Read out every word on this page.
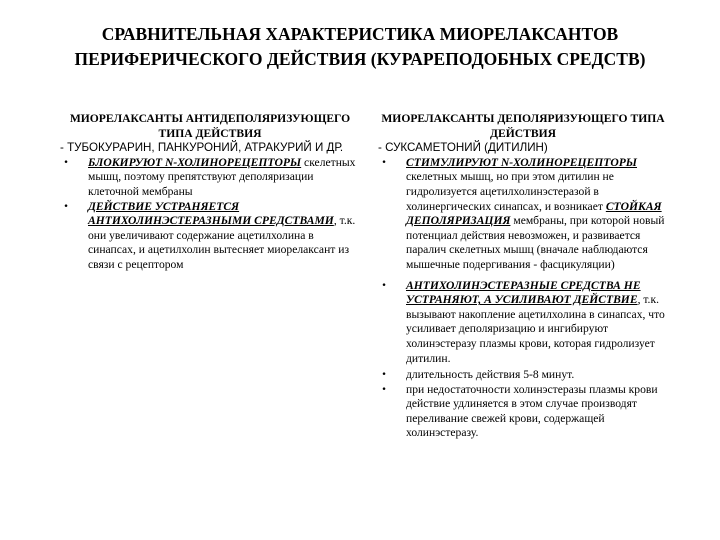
СРАВНИТЕЛЬНАЯ ХАРАКТЕРИСТИКА МИОРЕЛАКСАНТОВ ПЕРИФЕРИЧЕСКОГО ДЕЙСТВИЯ (КУРАРЕПОДОБНЫХ СРЕДСТВ)
МИОРЕЛАКСАНТЫ АНТИДЕПОЛЯРИЗУЮЩЕГО ТИПА ДЕЙСТВИЯ
- ТУБОКУРАРИН, ПАНКУРОНИЙ, АТРАКУРИЙ И ДР.
• БЛОКИРУЮТ N-ХОЛИНОРЕЦЕПТОРЫ скелетных мышц, поэтому препятствуют деполяризации клеточной мембраны
• ДЕЙСТВИЕ УСТРАНЯЕТСЯ АНТИХОЛИНЭСТЕРАЗНЫМИ СРЕДСТВАМИ, т.к. они увеличивают содержание ацетилхолина в синапсах, и ацетилхолин вытесняет миорелаксант из связи с рецептором
МИОРЕЛАКСАНТЫ ДЕПОЛЯРИЗУЮЩЕГО ТИПА ДЕЙСТВИЯ
- СУКСАМЕТОНИЙ (ДИТИЛИН)
• СТИМУЛИРУЮТ N-ХОЛИНОРЕЦЕПТОРЫ скелетных мышц, но при этом дитилин не гидролизуется ацетилхолинэстеразой в холинергических синапсах, и возникает СТОЙКАЯ ДЕПОЛЯРИЗАЦИЯ мембраны, при которой новый потенциал действия невозможен, и развивается паралич скелетных мышц (вначале наблюдаются мышечные подергивания - фасцикуляции)
• АНТИХОЛИНЭСТЕРАЗНЫЕ СРЕДСТВА НЕ УСТРАНЯЮТ, А УСИЛИВАЮТ ДЕЙСТВИЕ, т.к. вызывают накопление ацетилхолина в синапсах, что усиливает деполяризацию и ингибируют холинэстеразу плазмы крови, которая гидролизует дитилин.
• длительность действия 5-8 минут.
• при недостаточности холинэстеразы плазмы крови действие удлиняется в этом случае производят переливание свежей крови, содержащей холинэстеразу.
